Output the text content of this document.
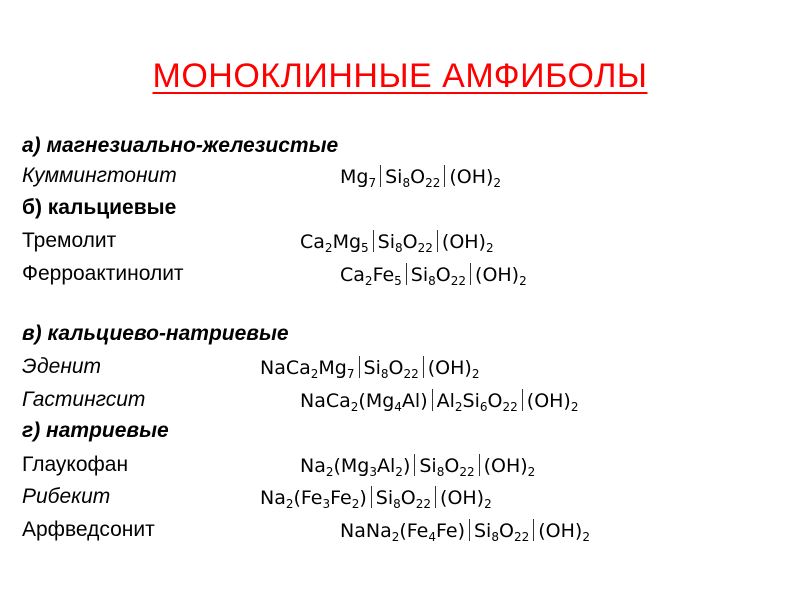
МОНОКЛИННЫЕ АМФИБОЛЫ
а) магнезиально-железистые
Куммингтонит	$Mg_7$ $Si_8O_{22}$ $(OH)_2$
б) кальциевые
Тремолит	$Ca_2Mg_5$ $Si_8O_{22}$ $(OH)_2$
Ферроактинолит	$Ca_2Fe_5$ $Si_8O_{22}$ $(OH)_2$
в) кальциево-натриевые
Эденит	$NaCa_2Mg_7$ $Si_8O_{22}$ $(OH)_2$
Гастингсит	$NaCa_2(Mg_4Al)$ $Al_2Si_6O_{22}$ $(OH)_2$
г) натриевые
Глаукофан	$Na_2(Mg_3Al_2)$ $Si_8O_{22}$ $(OH)_2$
Рибекит	$Na_2(Fe_3Fe_2)$ $Si_8O_{22}$ $(OH)_2$
Арфведсонит	$NaNa_2(Fe_4Fe)$ $Si_8O_{22}$ $(OH)_2$
